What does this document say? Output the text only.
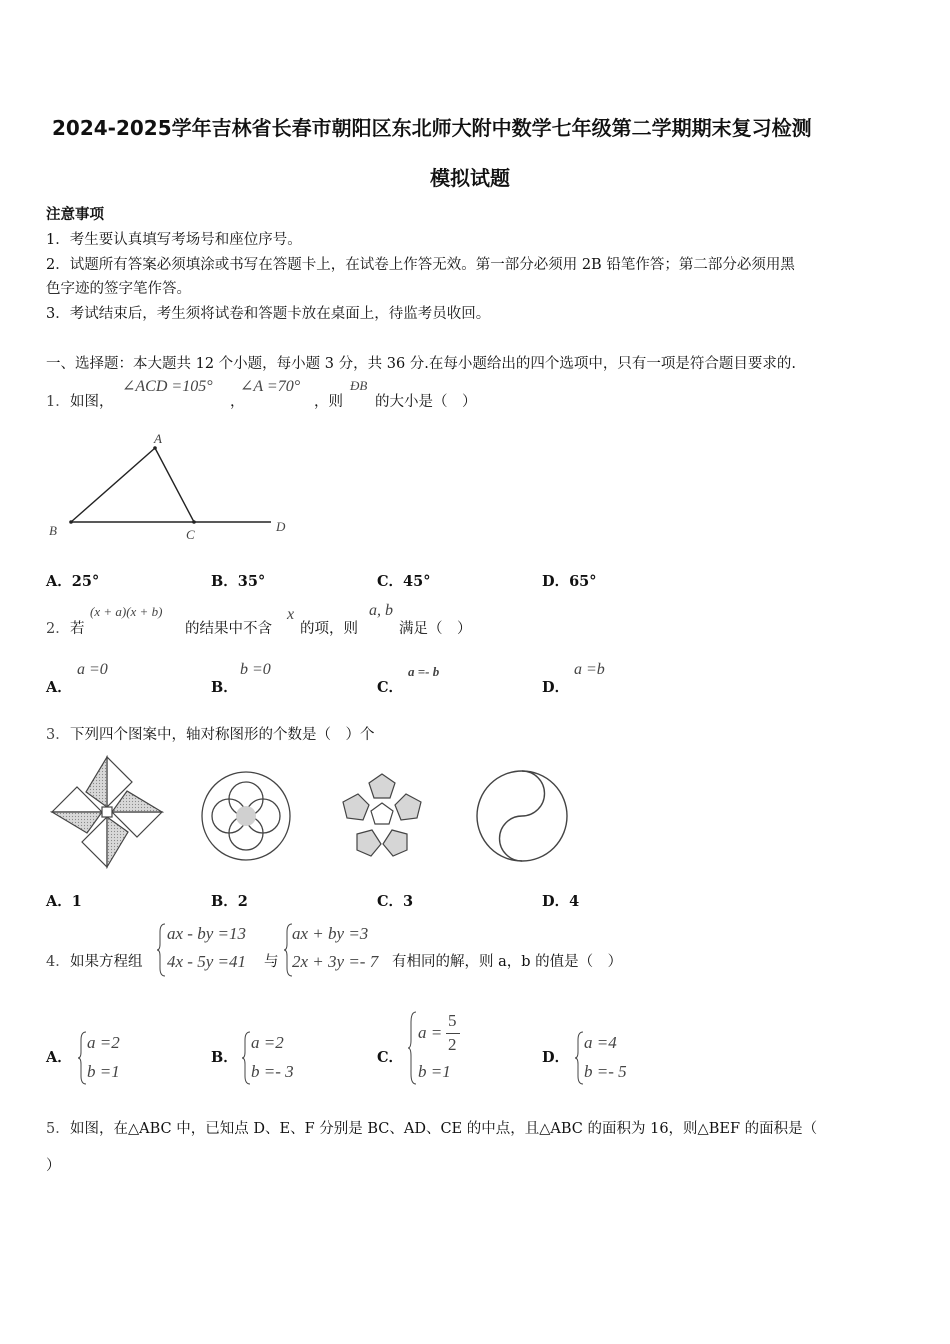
2024-2025学年吉林省长春市朝阳区东北师大附中数学七年级第二学期期末复习检测
模拟试题
注意事项
1．考生要认真填写考场号和座位序号。
2．试题所有答案必须填涂或书写在答题卡上，在试卷上作答无效。第一部分必须用 2B 铅笔作答；第二部分必须用黑
色字迹的签字笔作答。
3．考试结束后，考生须将试卷和答题卡放在桌面上，待监考员收回。
一、选择题：本大题共 12 个小题，每小题 3 分，共 36 分.在每小题给出的四个选项中，只有一项是符合题目要求的.
1． 如图，
∠ACD =105°
，
∠A =70°
，则
ÐB
的大小是（　）
A
B	C
D
A．25°	B．35°	C．45°	D．65°
2． 若
(x + a)(x + b)
的结果中不含
x
的项，则
a, b
满足（　）
A．
a =0
B．
b =0
C．
a =- b
D．
a =b
3． 下列四个图案中，轴对称图形的个数是（　）个
A．1	B．2	C．3	D．4
4． 如果方程组
ax - by =13
4x - 5y =41 与
ax + by =3
2x + 3y =- 7 有相同的解，则 a，b 的值是（　）
A．
a =2
b =1
B．
a =2
b =- 3
C．
a =
5
2
b =1
D．
a =4
b =- 5
5． 如图，在△ABC 中，已知点 D、E、F 分别是 BC、AD、CE 的中点，且△ABC 的面积为 16，则△BEF 的面积是（
）
